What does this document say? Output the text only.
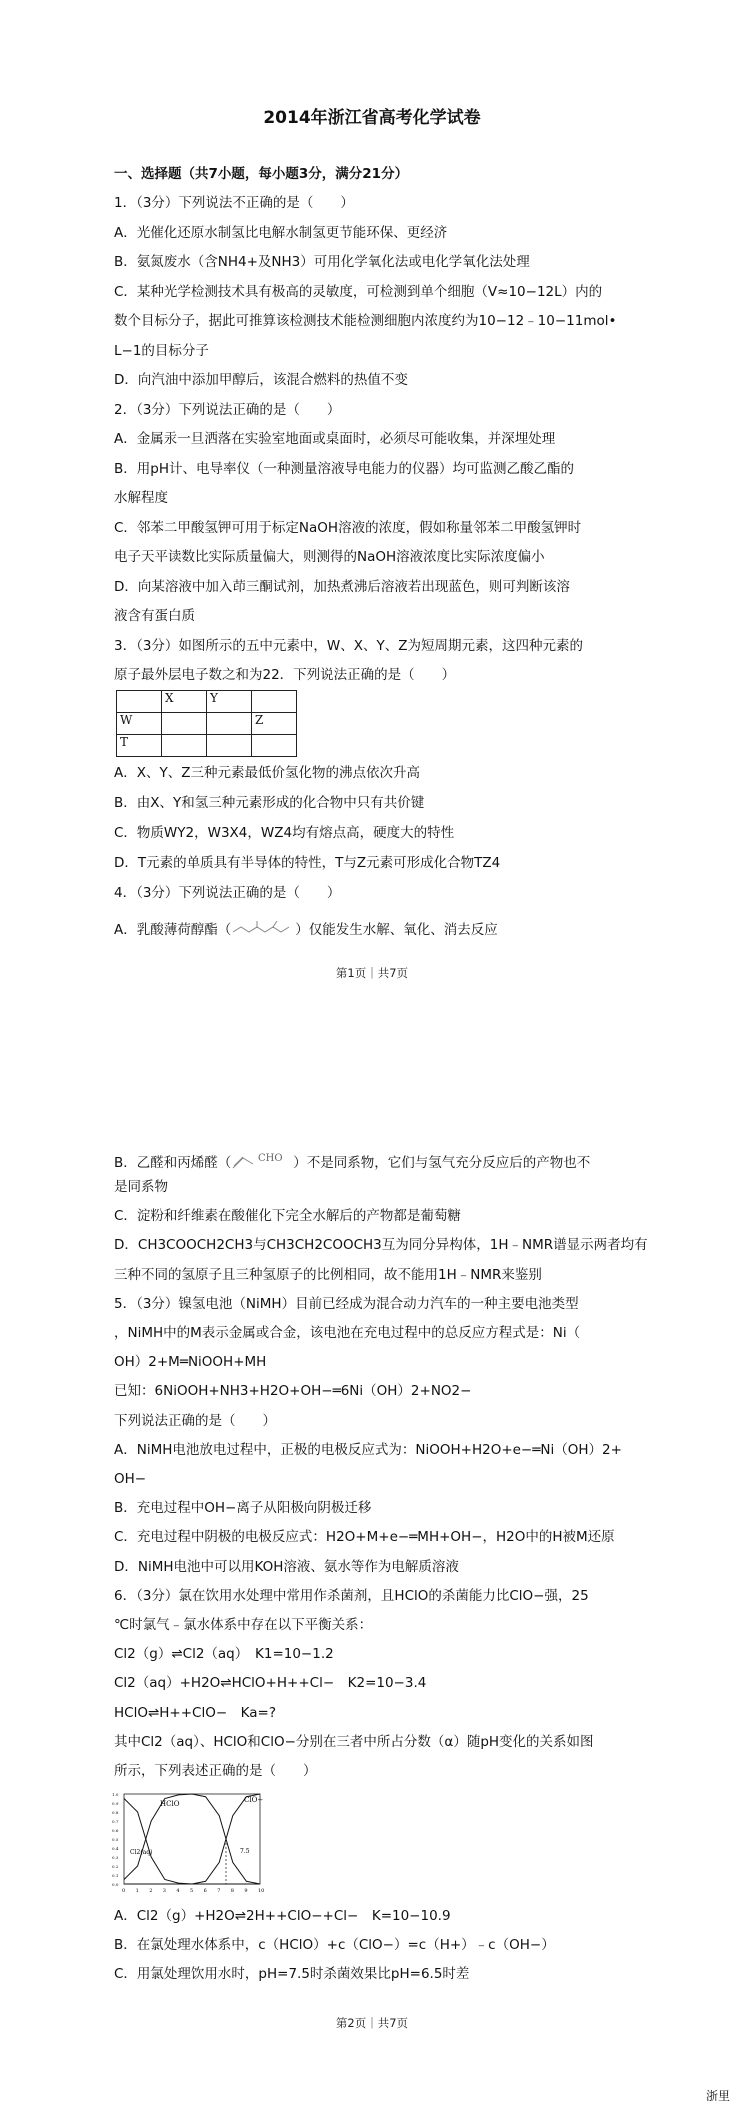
2014年浙江省高考化学试卷
一、选择题（共7小题，每小题3分，满分21分）
1．（3分）下列说法不正确的是（　　）
A．光催化还原水制氢比电解水制氢更节能环保、更经济
B．氨氮废水（含NH4+及NH3）可用化学氧化法或电化学氧化法处理
C．某种光学检测技术具有极高的灵敏度，可检测到单个细胞（V≈10−12L）内的
数个目标分子，据此可推算该检测技术能检测细胞内浓度约为10−12﹣10−11mol•
L−1的目标分子
D．向汽油中添加甲醇后，该混合燃料的热值不变
2．（3分）下列说法正确的是（　　）
A．金属汞一旦洒落在实验室地面或桌面时，必须尽可能收集，并深埋处理
B．用pH计、电导率仪（一种测量溶液导电能力的仪器）均可监测乙酸乙酯的
水解程度
C．邻苯二甲酸氢钾可用于标定NaOH溶液的浓度，假如称量邻苯二甲酸氢钾时
电子天平读数比实际质量偏大，则测得的NaOH溶液浓度比实际浓度偏小
D．向某溶液中加入茚三酮试剂，加热煮沸后溶液若出现蓝色，则可判断该溶
液含有蛋白质
3．（3分）如图所示的五中元素中，W、X、Y、Z为短周期元素，这四种元素的
原子最外层电子数之和为22．下列说法正确的是（　　）
	X	Y	
W			Z
T			
A．X、Y、Z三种元素最低价氢化物的沸点依次升高
B．由X、Y和氢三种元素形成的化合物中只有共价键
C．物质WY2，W3X4，WZ4均有熔点高，硬度大的特性
D．T元素的单质具有半导体的特性，T与Z元素可形成化合物TZ4
4．（3分）下列说法正确的是（　　）
A．乳酸薄荷醇酯（	）仅能发生水解、氧化、消去反应
第1页｜共7页
B．乙醛和丙烯醛（	CHO ）不是同系物，它们与氢气充分反应后的产物也不
是同系物
C．淀粉和纤维素在酸催化下完全水解后的产物都是葡萄糖
D．CH3COOCH2CH3与CH3CH2COOCH3互为同分异构体，1H﹣NMR谱显示两者均有
三种不同的氢原子且三种氢原子的比例相同，故不能用1H﹣NMR来鉴别
5．（3分）镍氢电池（NiMH）目前已经成为混合动力汽车的一种主要电池类型
，NiMH中的M表示金属或合金，该电池在充电过程中的总反应方程式是：Ni（
OH）2+M═NiOOH+MH
已知：6NiOOH+NH3+H2O+OH−═6Ni（OH）2+NO2−
下列说法正确的是（　　）
A．NiMH电池放电过程中，正极的电极反应式为：NiOOH+H2O+e−═Ni（OH）2+
OH−
B．充电过程中OH−离子从阳极向阴极迁移
C．充电过程中阴极的电极反应式：H2O+M+e−═MH+OH−，H2O中的H被M还原
D．NiMH电池中可以用KOH溶液、氨水等作为电解质溶液
6．（3分）氯在饮用水处理中常用作杀菌剂，且HClO的杀菌能力比ClO−强，25
℃时氯气﹣氯水体系中存在以下平衡关系：
Cl2（g）⇌Cl2（aq）　K1=10−1.2
Cl2（aq）+H2O⇌HClO+H++Cl−　K2=10−3.4
HClO⇌H++ClO−　Ka=?
其中Cl2（aq）、HClO和ClO−分别在三者中所占分数（α）随pH变化的关系如图
所示，下列表述正确的是（　　）
0 1 2 3 4 5 6 7 8 9 10
0.0
0.1
0.2
0.3
0.4
0.5
0.6
0.7
0.8
0.9
1.0
HClO	ClO−
Cl2(aq)	7.5
A．Cl2（g）+H2O⇌2H++ClO−+Cl−　K=10−10.9
B．在氯处理水体系中，c（HClO）+c（ClO−）=c（H+）﹣c（OH−）
C．用氯处理饮用水时，pH=7.5时杀菌效果比pH=6.5时差
第2页｜共7页
浙里
